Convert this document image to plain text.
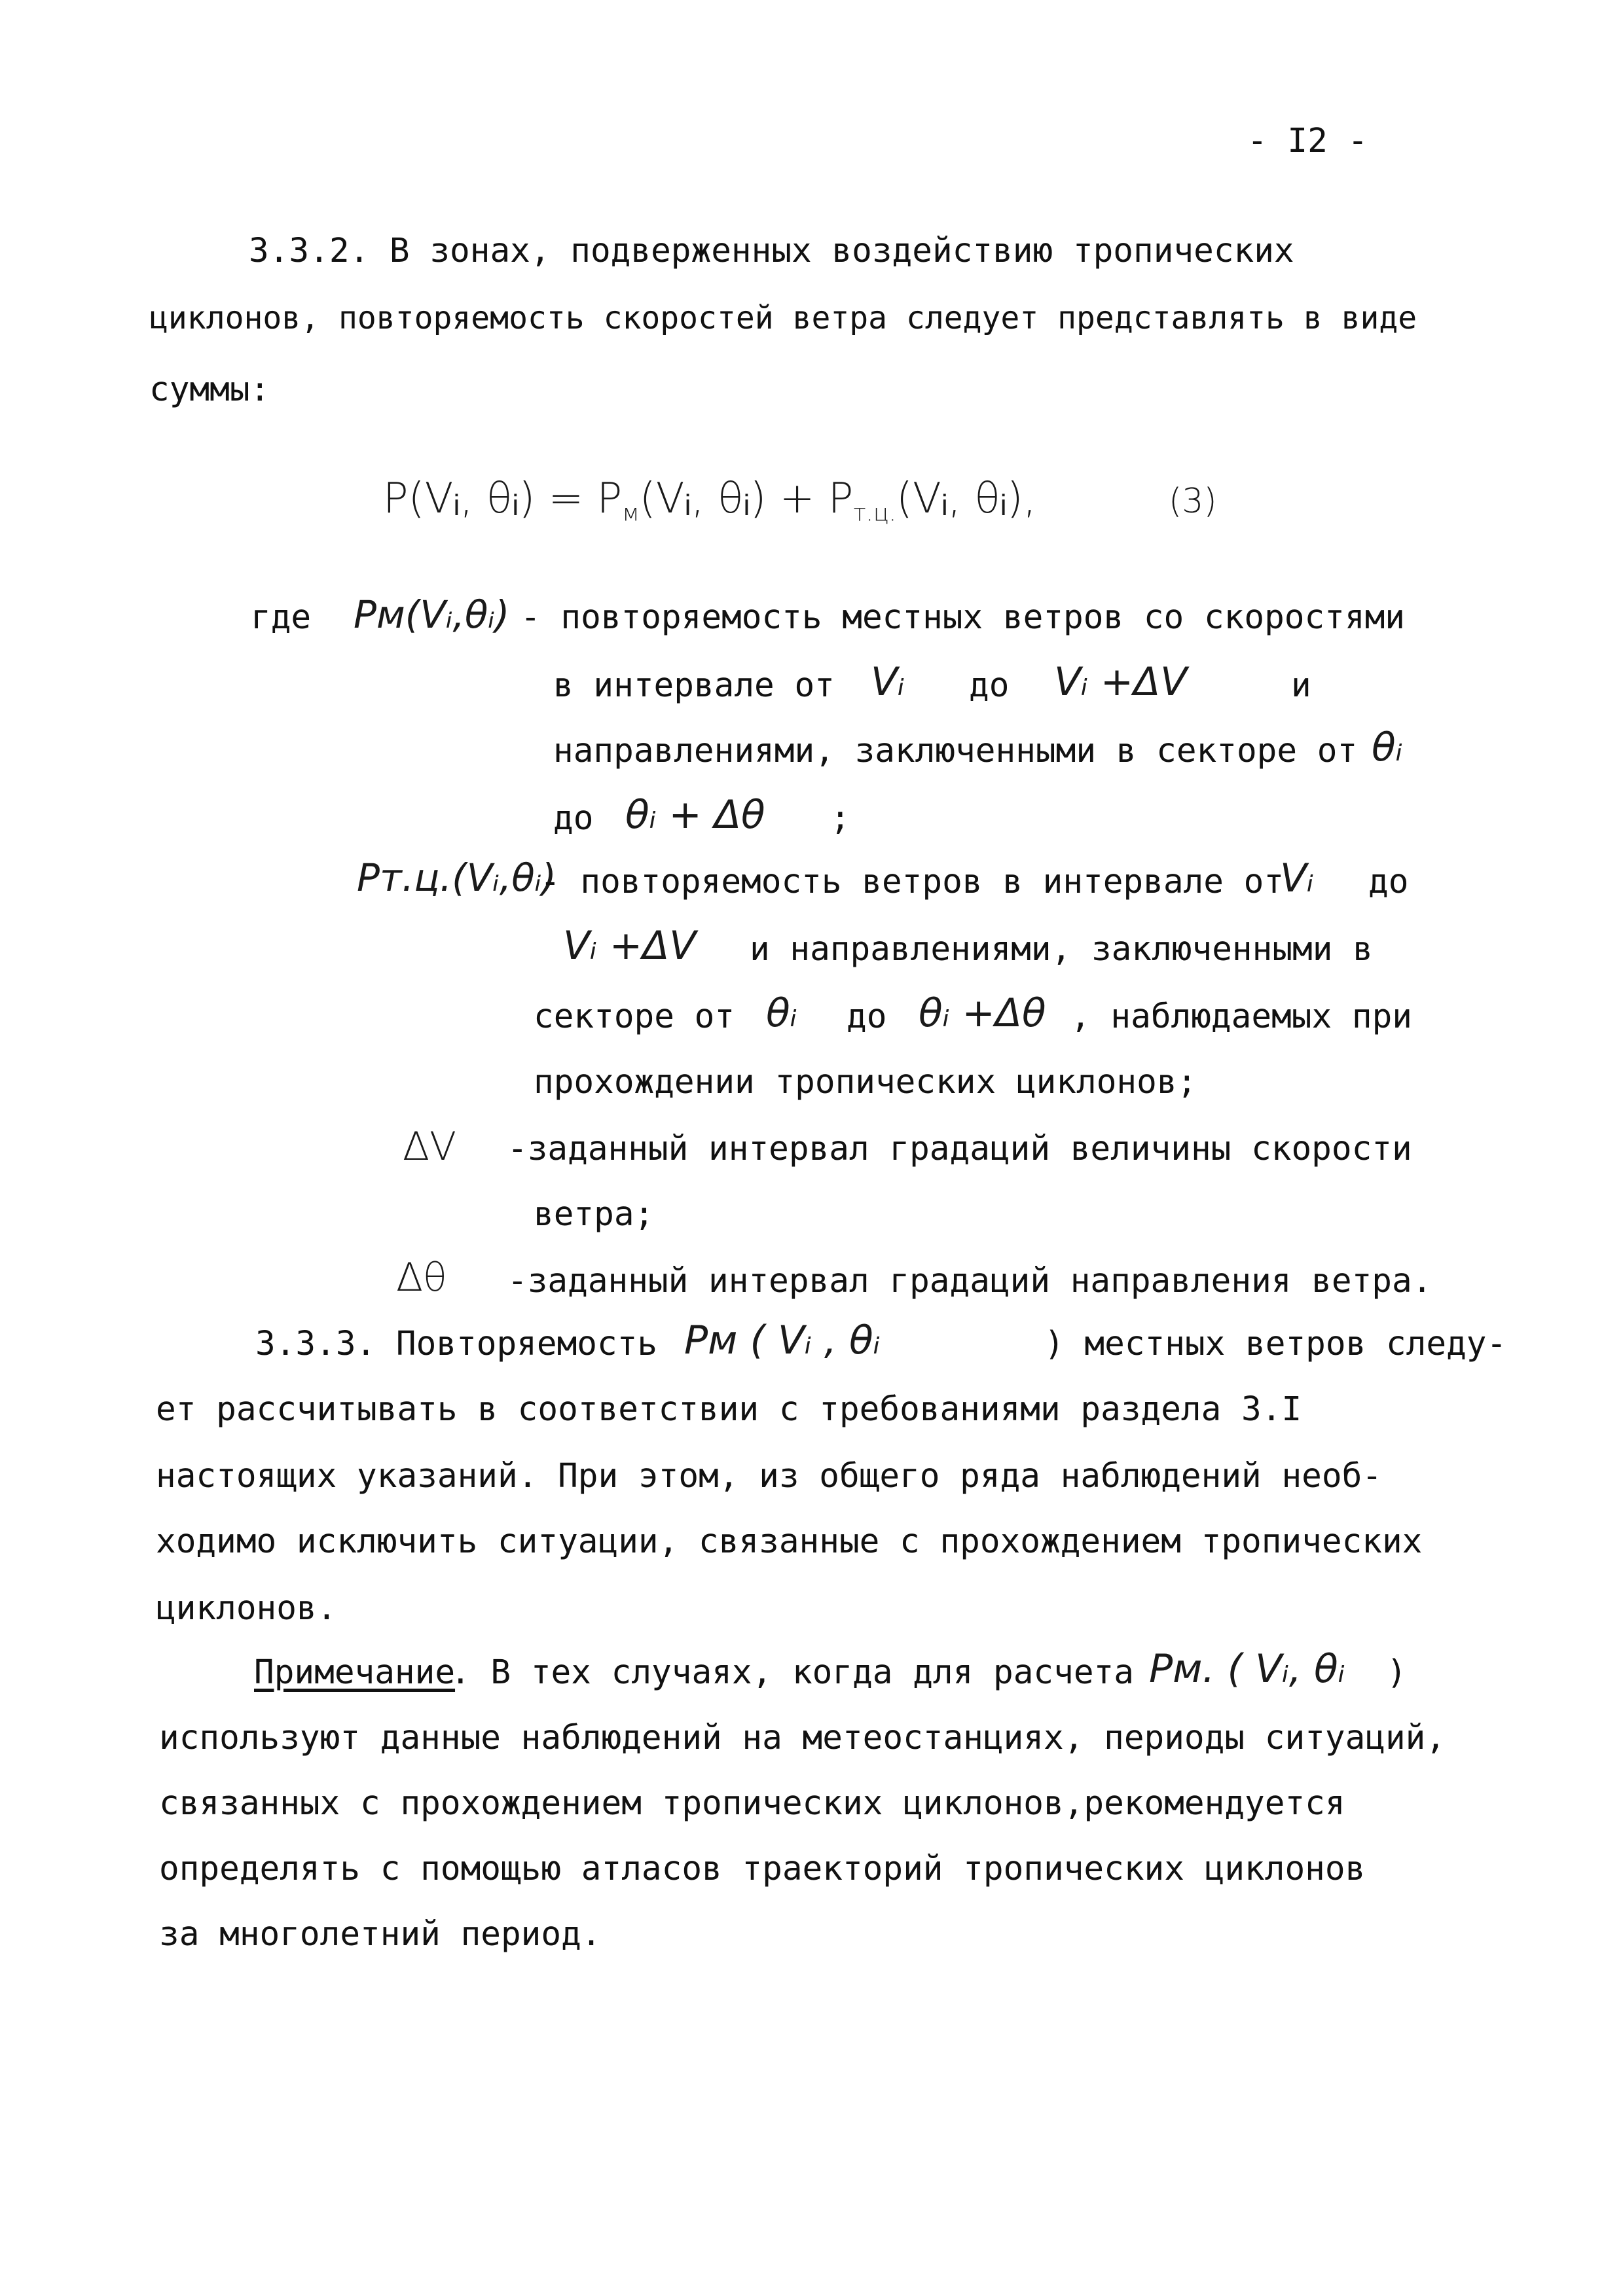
- I2 -
3.3.2. В зонах, подверженных воздействию тропических
циклонов, повторяемость скоростей ветра следует представлять в виде
суммы:
P(Vᵢ, θᵢ) = $P_м(Vᵢ$, θᵢ) + $P_{т.ц.}(Vᵢ$, θᵢ),	(3)
где Pм(Vᵢ,θᵢ) - повторяемость местных ветров со скоростями
в интервале от Vᵢ до Vᵢ +ΔV	и
направлениями, заключенными в секторе от θᵢ
до θᵢ + Δθ ;
Pт.ц.(Vᵢ,θᵢ)
- повторяемость ветров в интервале от
Vᵢ до
Vᵢ +ΔV и направлениями, заключенными в
секторе от θᵢ до θᵢ +Δθ , наблюдаемых при
прохождении тропических циклонов;
ΔV -заданный интервал градаций величины скорости
ветра;
Δθ -заданный интервал градаций направления ветра.
3.3.3. Повторяемость Pм ( Vᵢ , θᵢ	) местных ветров следу-
ет рассчитывать в соответствии с требованиями раздела 3.I
настоящих указаний. При этом, из общего ряда наблюдений необ-
ходимо исключить ситуации, связанные с прохождением тропических
циклонов.
Примечание
. В тех случаях, когда для расчета Pм. ( Vᵢ, θᵢ )
используют данные наблюдений на метеостанциях, периоды ситуаций,
связанных с прохождением тропических циклонов,рекомендуется
определять с помощью атласов траекторий тропических циклонов
за многолетний период.
